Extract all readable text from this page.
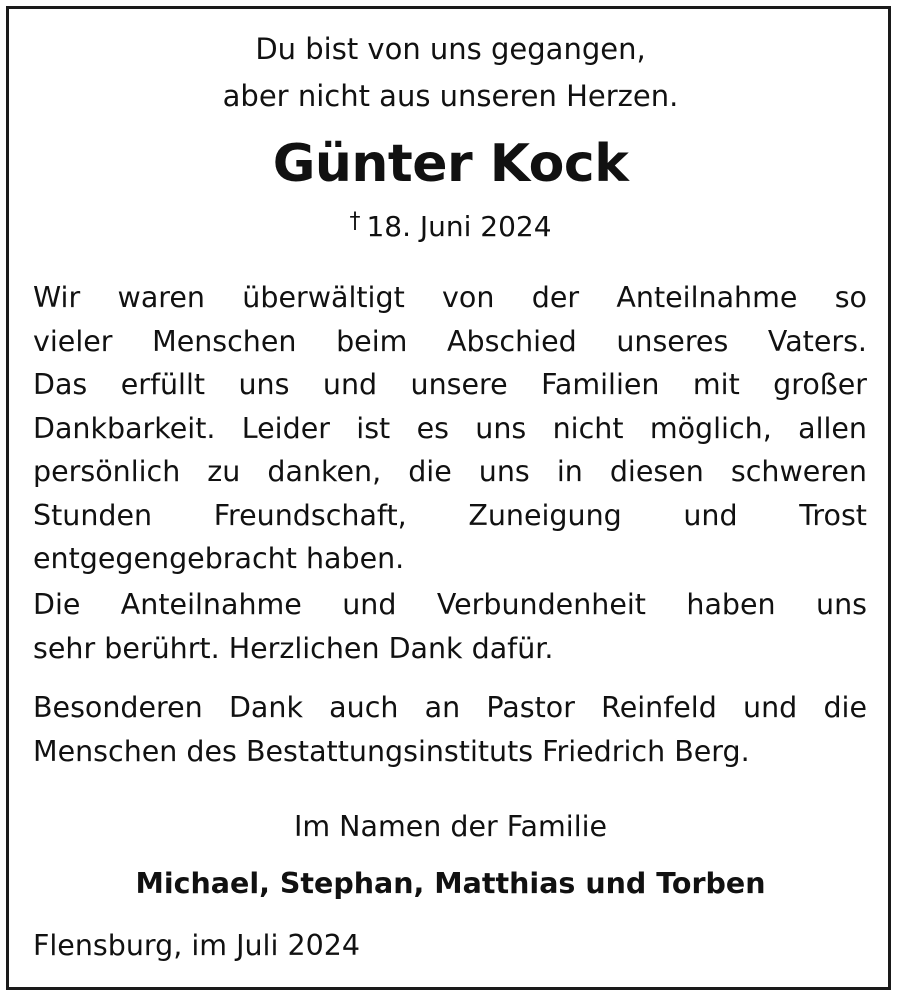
Du bist von uns gegangen,
aber nicht aus unseren Herzen.
Günter Kock
† 18. Juni 2024
Wir waren überwältigt von der Anteilnahme so
vieler Menschen beim Abschied unseres Vaters.
Das erfüllt uns und unsere Familien mit großer
Dankbarkeit. Leider ist es uns nicht möglich, allen
persönlich zu danken, die uns in diesen schweren
Stunden Freundschaft, Zuneigung und Trost
entgegengebracht haben.
Die Anteilnahme und Verbundenheit haben uns
sehr berührt. Herzlichen Dank dafür.
Besonderen Dank auch an Pastor Reinfeld und die
Menschen des Bestattungsinstituts Friedrich Berg.
Im Namen der Familie
Michael, Stephan, Matthias und Torben
Flensburg, im Juli 2024
